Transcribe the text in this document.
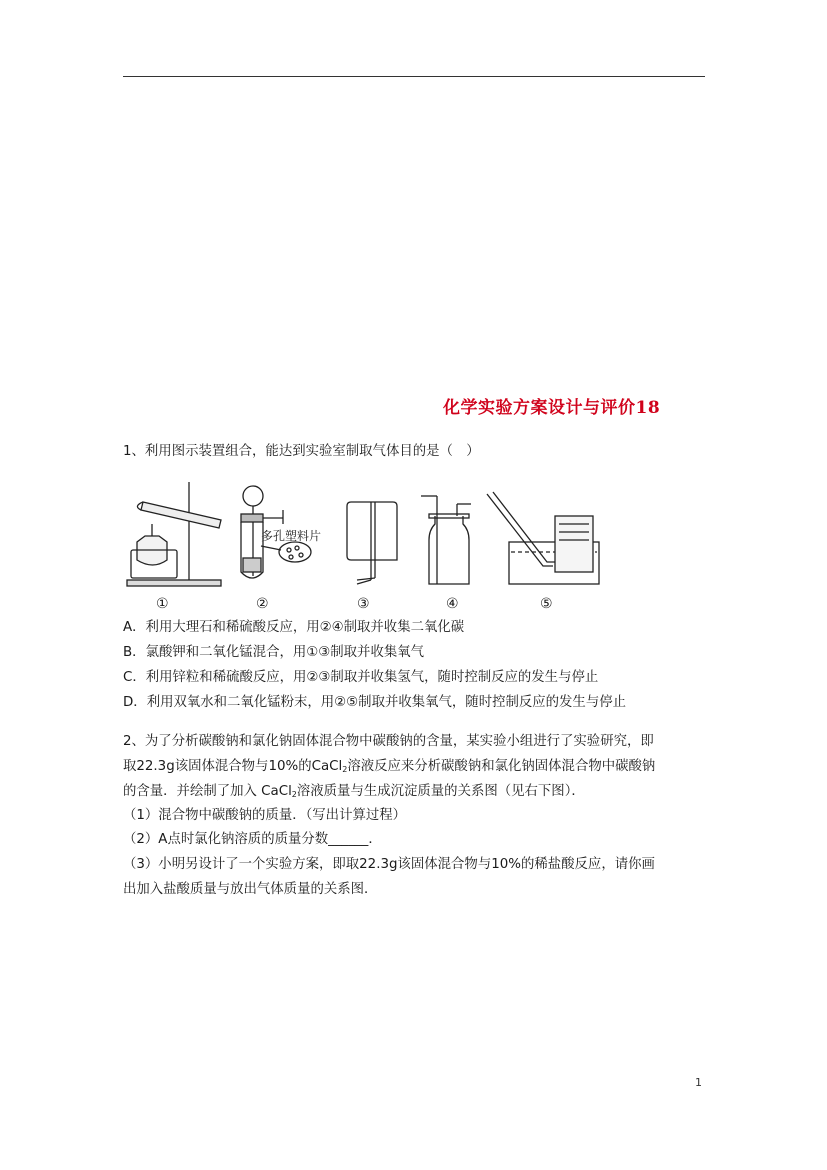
化学实验方案设计与评价18
1、利用图示装置组合，能达到实验室制取气体目的是（　）
多孔塑料片
①	②	③	④	⑤
A．利用大理石和稀硫酸反应，用②④制取并收集二氧化碳
B．氯酸钾和二氧化锰混合，用①③制取并收集氧气
C．利用锌粒和稀硫酸反应，用②③制取并收集氢气，随时控制反应的发生与停止
D．利用双氧水和二氧化锰粉末，用②⑤制取并收集氧气，随时控制反应的发生与停止
2、为了分析碳酸钠和氯化钠固体混合物中碳酸钠的含量，某实验小组进行了实验研究，即
取22.3g该固体混合物与10%的CaCl$_2$溶液反应来分析碳酸钠和氯化钠固体混合物中碳酸钠
的含量．并绘制了加入 CaCl$_2$溶液质量与生成沉淀质量的关系图（见右下图）．
（1）混合物中碳酸钠的质量．（写出计算过程）
（2）A点时氯化钠溶质的质量分数______．
（3）小明另设计了一个实验方案，即取22.3g该固体混合物与10%的稀盐酸反应，请你画
出加入盐酸质量与放出气体质量的关系图．
1
